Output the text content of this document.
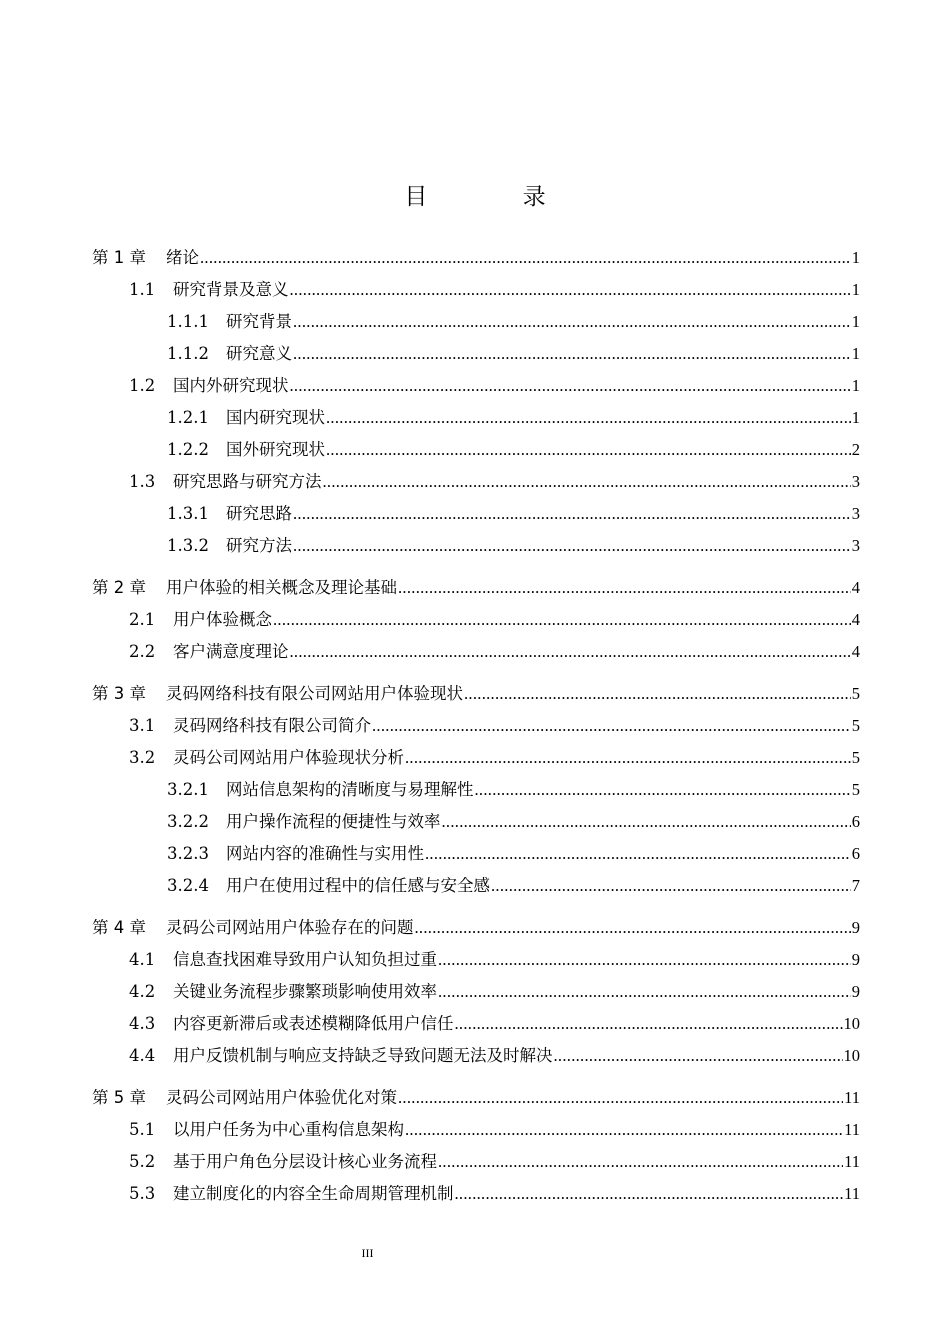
目 录
第 1 章	绪论 .....	1
1.1	研究背景及意义 .....	1
1.1.1	研究背景 .....	1
1.1.2	研究意义 .....	1
1.2	国内外研究现状 .....	1
1.2.1	国内研究现状 .....	1
1.2.2	国外研究现状 .....	2
1.3	研究思路与研究方法 .....	3
1.3.1	研究思路 .....	3
1.3.2	研究方法 .....	3
第 2 章	用户体验的相关概念及理论基础 .....	4
2.1	用户体验概念 .....	4
2.2	客户满意度理论 .....	4
第 3 章	灵码网络科技有限公司网站用户体验现状 .....	5
3.1	灵码网络科技有限公司简介 .....	5
3.2	灵码公司网站用户体验现状分析 .....	5
3.2.1	网站信息架构的清晰度与易理解性 .....	5
3.2.2	用户操作流程的便捷性与效率 .....	6
3.2.3	网站内容的准确性与实用性 .....	6
3.2.4	用户在使用过程中的信任感与安全感 .....	7
第 4 章	灵码公司网站用户体验存在的问题 .....	9
4.1	信息查找困难导致用户认知负担过重 .....	9
4.2	关键业务流程步骤繁琐影响使用效率 .....	9
4.3	内容更新滞后或表述模糊降低用户信任 .....	10
4.4	用户反馈机制与响应支持缺乏导致问题无法及时解决 .....	10
第 5 章	灵码公司网站用户体验优化对策 .....	11
5.1	以用户任务为中心重构信息架构 .....	11
5.2	基于用户角色分层设计核心业务流程 .....	11
5.3	建立制度化的内容全生命周期管理机制 .....	11
III
